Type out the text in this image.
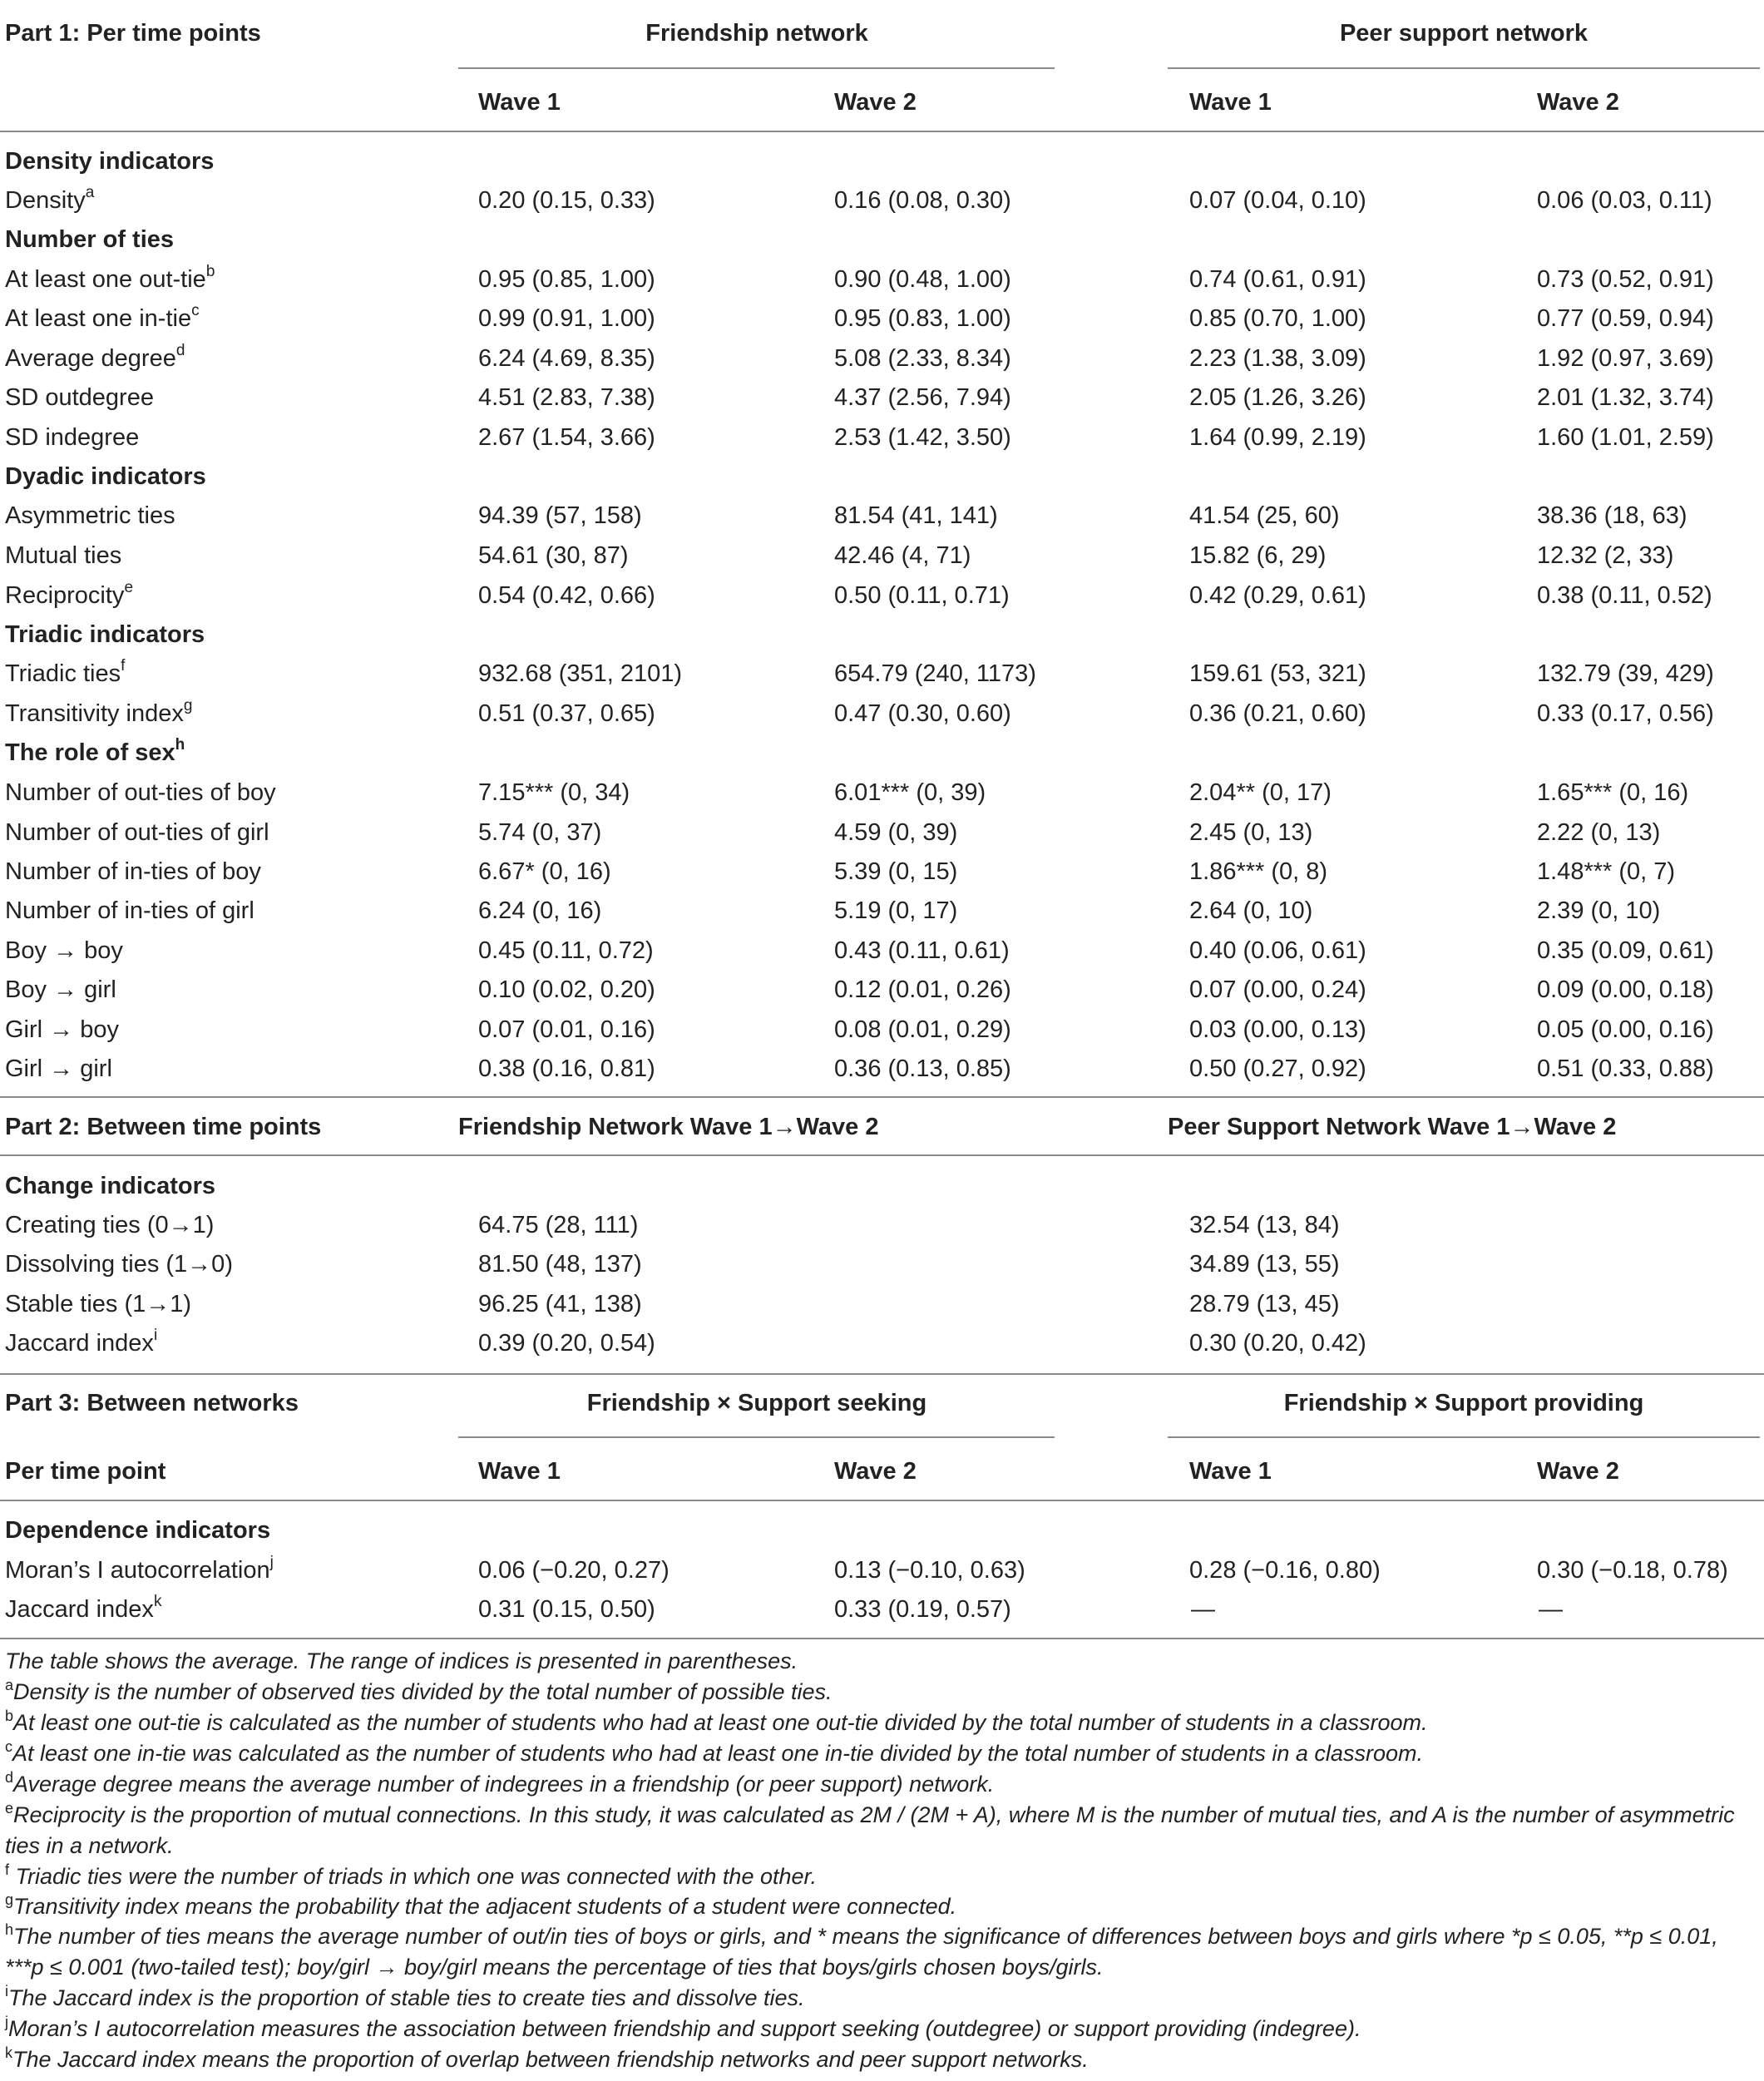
Part 1: Per time points	Friendship network	Peer support network
Wave 1	Wave 2	Wave 1	Wave 2
Density indicators
Density$^a$	0.20 (0.15, 0.33)	0.16 (0.08, 0.30)	0.07 (0.04, 0.10)	0.06 (0.03, 0.11)
Number of ties
At least one out-tie$^b$	0.95 (0.85, 1.00)	0.90 (0.48, 1.00)	0.74 (0.61, 0.91)	0.73 (0.52, 0.91)
At least one in-tie$^c$	0.99 (0.91, 1.00)	0.95 (0.83, 1.00)	0.85 (0.70, 1.00)	0.77 (0.59, 0.94)
Average degree$^d$	6.24 (4.69, 8.35)	5.08 (2.33, 8.34)	2.23 (1.38, 3.09)	1.92 (0.97, 3.69)
SD outdegree	4.51 (2.83, 7.38)	4.37 (2.56, 7.94)	2.05 (1.26, 3.26)	2.01 (1.32, 3.74)
SD indegree	2.67 (1.54, 3.66)	2.53 (1.42, 3.50)	1.64 (0.99, 2.19)	1.60 (1.01, 2.59)
Dyadic indicators
Asymmetric ties	94.39 (57, 158)	81.54 (41, 141)	41.54 (25, 60)	38.36 (18, 63)
Mutual ties	54.61 (30, 87)	42.46 (4, 71)	15.82 (6, 29)	12.32 (2, 33)
Reciprocity$^e$	0.54 (0.42, 0.66)	0.50 (0.11, 0.71)	0.42 (0.29, 0.61)	0.38 (0.11, 0.52)
Triadic indicators
Triadic ties$^f$	932.68 (351, 2101)	654.79 (240, 1173)	159.61 (53, 321)	132.79 (39, 429)
Transitivity index$^g$	0.51 (0.37, 0.65)	0.47 (0.30, 0.60)	0.36 (0.21, 0.60)	0.33 (0.17, 0.56)
The role of sex$^h$
Number of out-ties of boy	7.15*** (0, 34)	6.01*** (0, 39)	2.04** (0, 17)	1.65*** (0, 16)
Number of out-ties of girl	5.74 (0, 37)	4.59 (0, 39)	2.45 (0, 13)	2.22 (0, 13)
Number of in-ties of boy	6.67* (0, 16)	5.39 (0, 15)	1.86*** (0, 8)	1.48*** (0, 7)
Number of in-ties of girl	6.24 (0, 16)	5.19 (0, 17)	2.64 (0, 10)	2.39 (0, 10)
Boy → boy	0.45 (0.11, 0.72)	0.43 (0.11, 0.61)	0.40 (0.06, 0.61)	0.35 (0.09, 0.61)
Boy → girl	0.10 (0.02, 0.20)	0.12 (0.01, 0.26)	0.07 (0.00, 0.24)	0.09 (0.00, 0.18)
Girl → boy	0.07 (0.01, 0.16)	0.08 (0.01, 0.29)	0.03 (0.00, 0.13)	0.05 (0.00, 0.16)
Girl → girl	0.38 (0.16, 0.81)	0.36 (0.13, 0.85)	0.50 (0.27, 0.92)	0.51 (0.33, 0.88)
Part 2: Between time points	Friendship Network Wave 1→Wave 2	Peer Support Network Wave 1→Wave 2
Change indicators
Creating ties (0→1)	64.75 (28, 111)	32.54 (13, 84)
Dissolving ties (1→0)	81.50 (48, 137)	34.89 (13, 55)
Stable ties (1→1)	96.25 (41, 138)	28.79 (13, 45)
Jaccard index$^i$	0.39 (0.20, 0.54)	0.30 (0.20, 0.42)
Part 3: Between networks	Friendship × Support seeking	Friendship × Support providing
Per time point	Wave 1	Wave 2	Wave 1	Wave 2
Dependence indicators
Moran’s I autocorrelation$^j$	0.06 (−0.20, 0.27)	0.13 (−0.10, 0.63)	0.28 (−0.16, 0.80)	0.30 (−0.18, 0.78)
Jaccard index$^k$	0.31 (0.15, 0.50)	0.33 (0.19, 0.57)	—	—
The table shows the average. The range of indices is presented in parentheses.
$^a$Density is the number of observed ties divided by the total number of possible ties.
$^b$At least one out-tie is calculated as the number of students who had at least one out-tie divided by the total number of students in a classroom.
$^c$At least one in-tie was calculated as the number of students who had at least one in-tie divided by the total number of students in a classroom.
$^d$Average degree means the average number of indegrees in a friendship (or peer support) network.
$^e$Reciprocity is the proportion of mutual connections. In this study, it was calculated as 2M / (2M + A), where M is the number of mutual ties, and A is the number of asymmetric ties in a network.
$^f$ Triadic ties were the number of triads in which one was connected with the other.
$^g$Transitivity index means the probability that the adjacent students of a student were connected.
$^h$The number of ties means the average number of out/in ties of boys or girls, and * means the significance of differences between boys and girls where *p ≤ 0.05, **p ≤ 0.01, ***p ≤ 0.001 (two-tailed test); boy/girl → boy/girl means the percentage of ties that boys/girls chosen boys/girls.
$^i$The Jaccard index is the proportion of stable ties to create ties and dissolve ties.
$^j$Moran’s I autocorrelation measures the association between friendship and support seeking (outdegree) or support providing (indegree).
$^k$The Jaccard index means the proportion of overlap between friendship networks and peer support networks.
